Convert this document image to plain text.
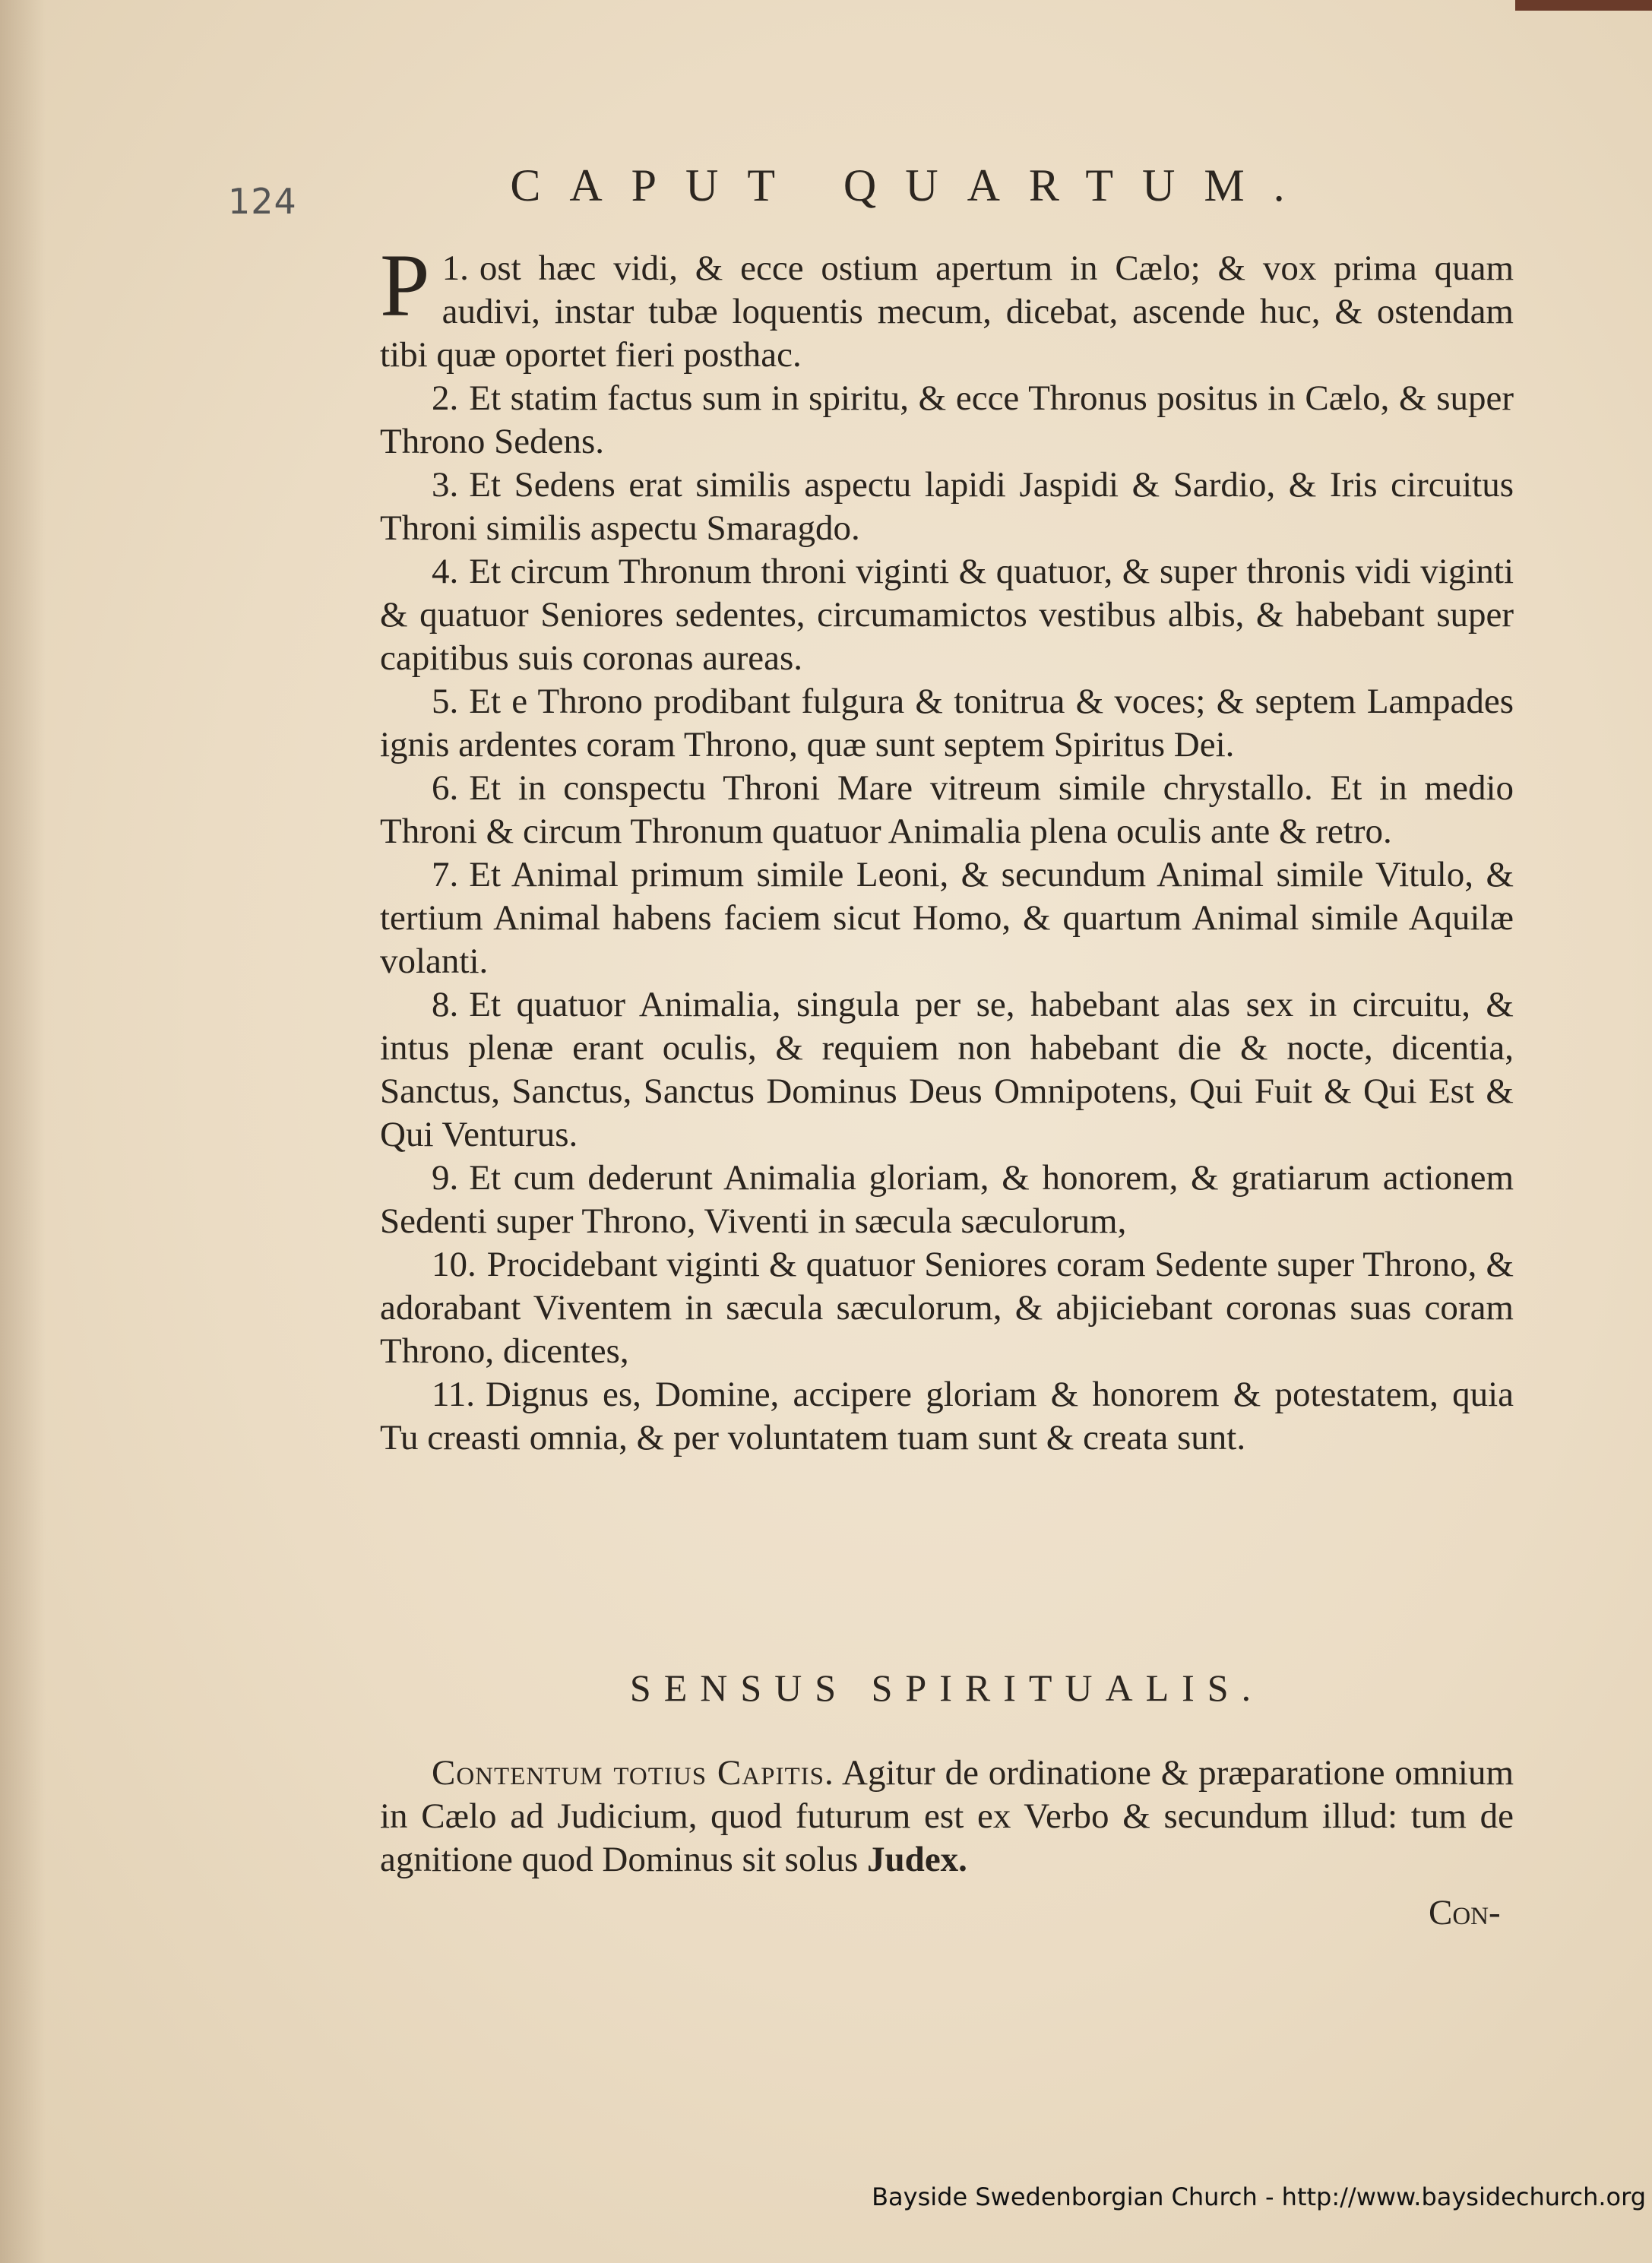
124	CAPUT QUARTUM.

1.
P ost hæc vidi, & ecce ostium apertum in Cælo; & vox prima quam audivi, instar tubæ loquentis mecum, dicebat, ascende huc, & ostendam tibi quæ oportet fieri posthac.

2. Et statim factus sum in spiritu, & ecce Thronus positus in Cælo, & super Throno Sedens.

3. Et Sedens erat similis aspectu lapidi Jaspidi & Sardio, & Iris circuitus Throni similis aspectu Smaragdo.

4. Et circum Thronum throni viginti & quatuor, & super thronis vidi viginti & quatuor Seniores sedentes, circumamictos vestibus albis, & habebant super capitibus suis coronas aureas.

5. Et e Throno prodibant fulgura & tonitrua & voces; & septem Lampades ignis ardentes coram Throno, quæ sunt septem Spiritus Dei.

6. Et in conspectu Throni Mare vitreum simile chrystallo. Et in medio Throni & circum Thronum quatuor Animalia plena oculis ante & retro.

7. Et Animal primum simile Leoni, & secundum Animal simile Vitulo, & tertium Animal habens faciem sicut Homo, & quartum Animal simile Aquilæ volanti.

8. Et quatuor Animalia, singula per se, habebant alas sex in circuitu, & intus plenæ erant oculis, & requiem non habebant die & nocte, dicentia, Sanctus, Sanctus, Sanctus Dominus Deus Omnipotens, Qui Fuit & Qui Est & Qui Venturus.

9. Et cum dederunt Animalia gloriam, & honorem, & gratiarum actionem Sedenti super Throno, Viventi in sæcula sæculorum,

10. Procidebant viginti & quatuor Seniores coram Sedente super Throno, & adorabant Viventem in sæcula sæculorum, & abjiciebant coronas suas coram Throno, dicentes,

11. Dignus es, Domine, accipere gloriam & honorem & potestatem, quia Tu creasti omnia, & per voluntatem tuam sunt & creata sunt.

SENSUS SPIRITUALIS.

Contentum totius Capitis. Agitur de ordinatione & præparatione omnium in Cælo ad Judicium, quod futurum est ex Verbo & secundum illud: tum de agnitione quod Dominus sit solus Judex.

Con-
Bayside Swedenborgian Church - http://www.baysidechurch.org
